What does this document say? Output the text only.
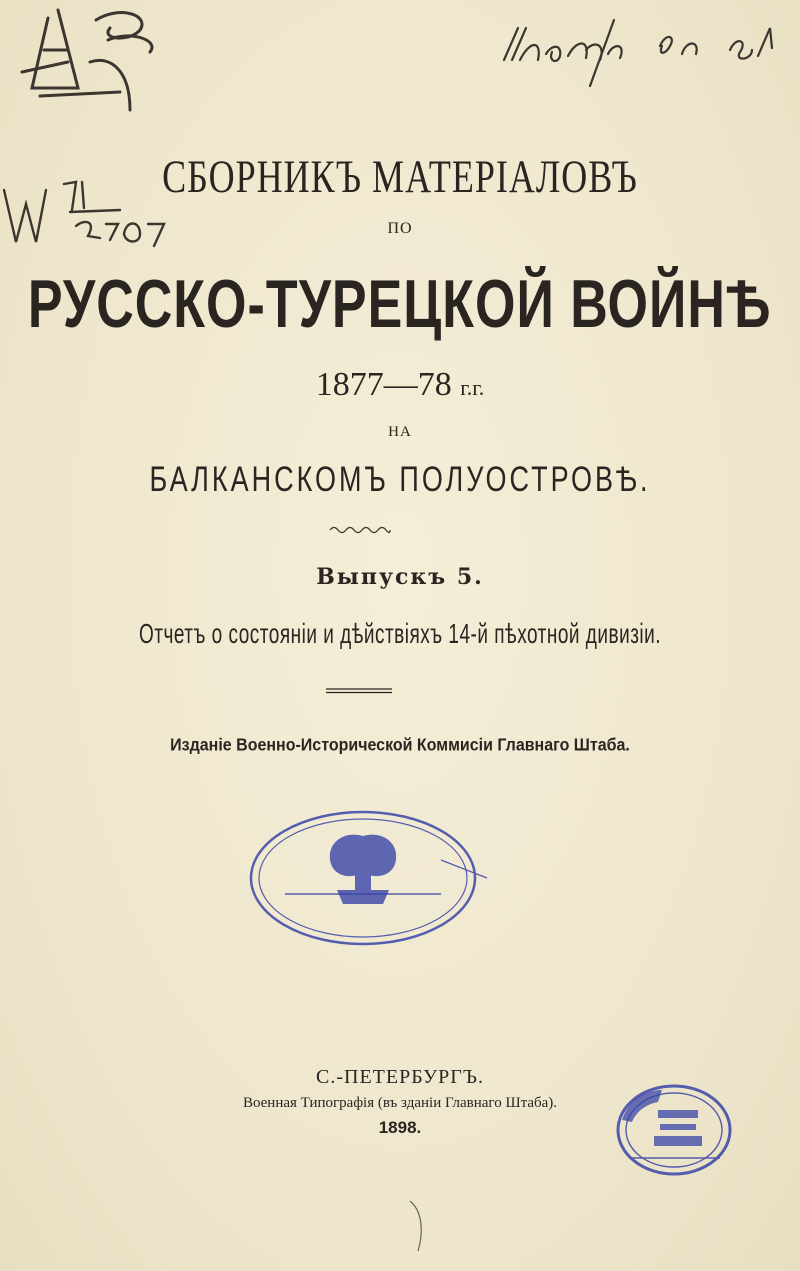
СБОРНИКЪ МАТЕРІАЛОВЪ
ПО
РУССКО-ТУРЕЦКОЙ ВОЙНѢ
1877—78 г.г.
НА
БАЛКАНСКОМЪ ПОЛУОСТРОВѢ.
Выпускъ 5.
Отчетъ о состояніи и дѣйствіяхъ 14-й пѣхотной дивизіи.
Изданіе Военно-Исторической Коммисіи Главнаго Штаба.
С.-ПЕТЕРБУРГЪ.
Военная Типографія (въ зданіи Главнаго Штаба).
1898.
